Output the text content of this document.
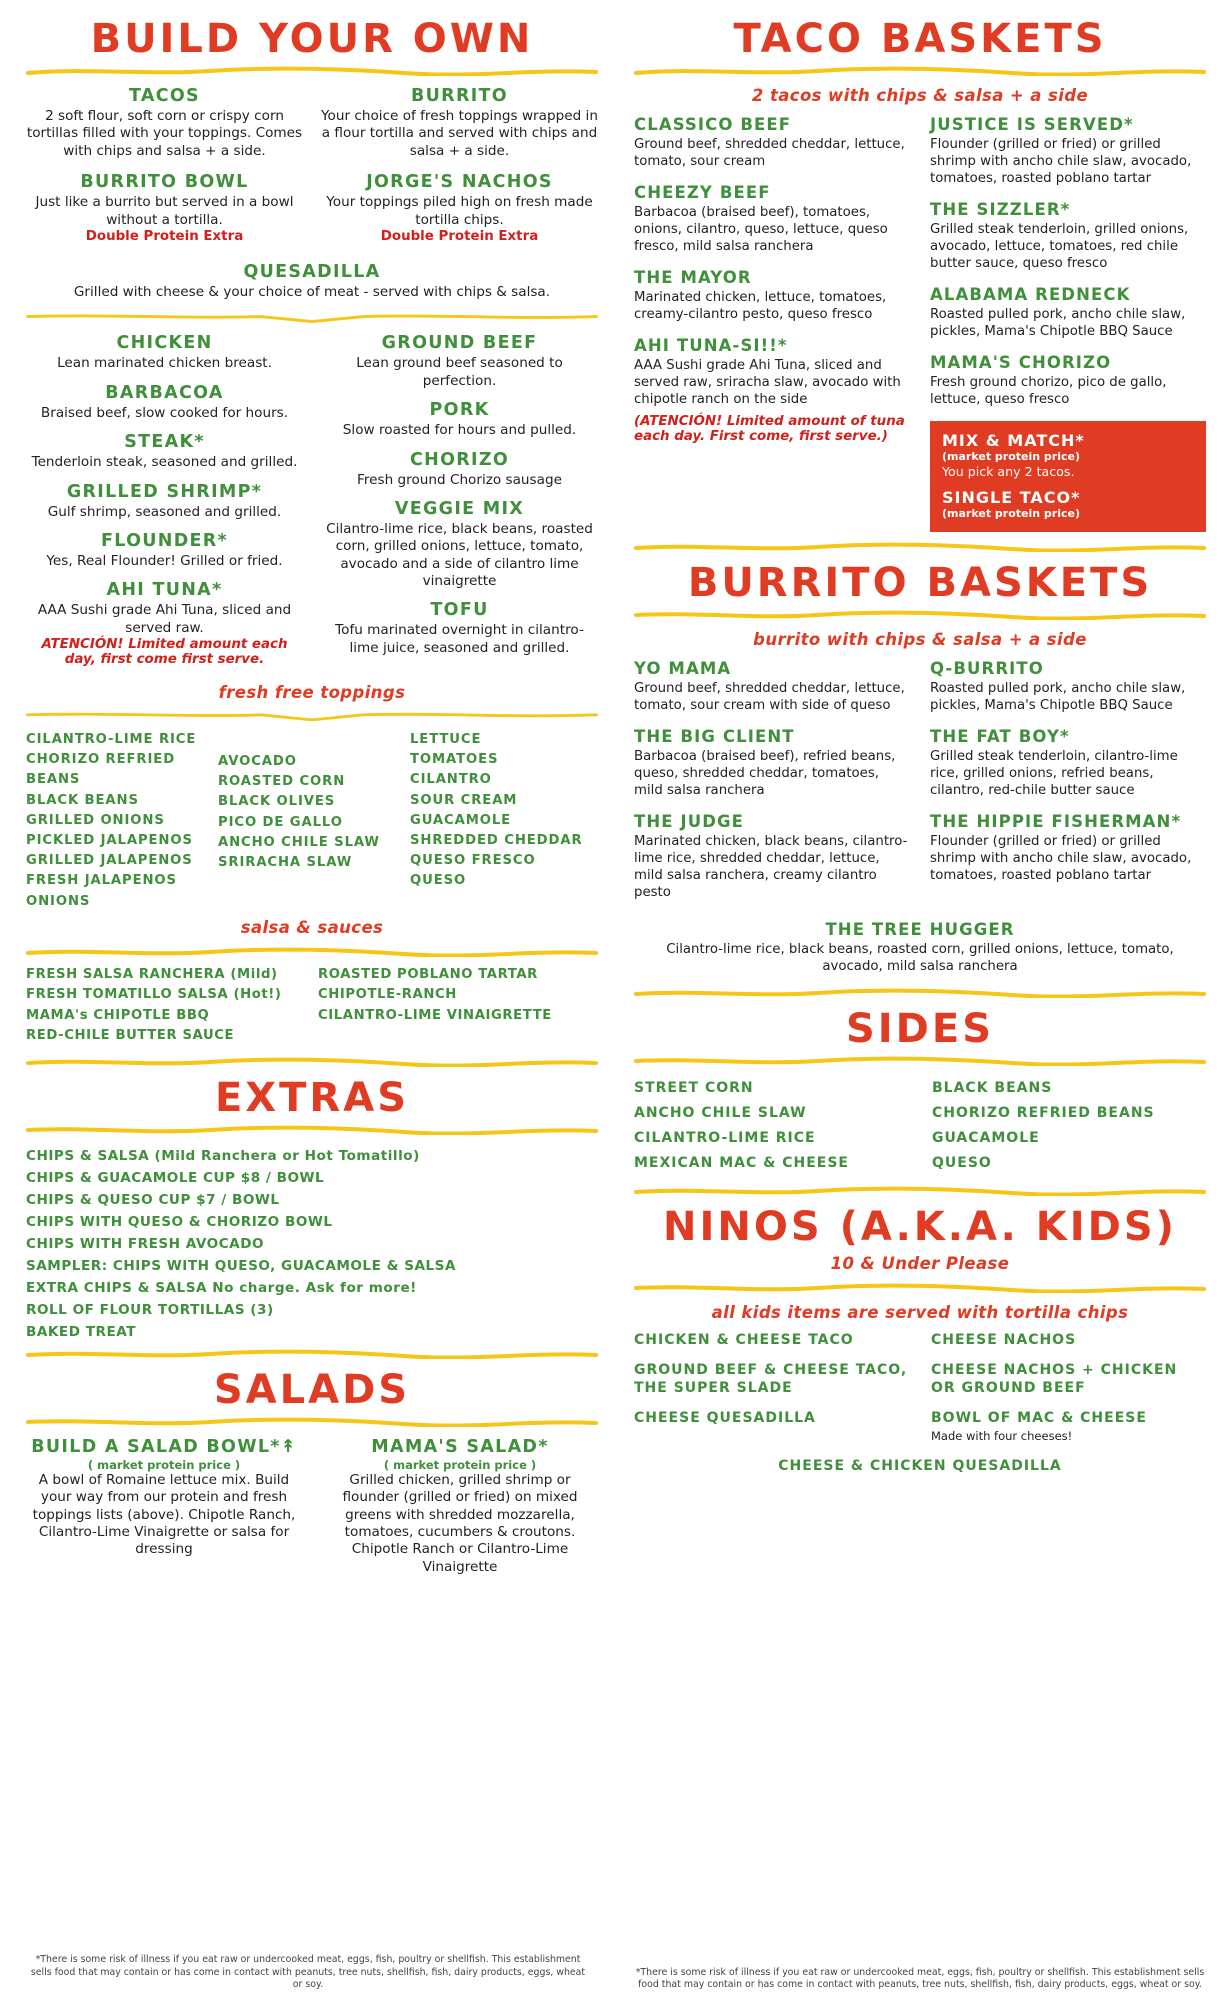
BUILD YOUR OWN
TACOS
2 soft flour, soft corn or crispy corn tortillas filled with your toppings. Comes with chips and salsa + a side.
BURRITO BOWL
Just like a burrito but served in a bowl without a tortilla.
Double Protein Extra
BURRITO
Your choice of fresh toppings wrapped in a flour tortilla and served with chips and salsa + a side.
JORGE'S NACHOS
Your toppings piled high on fresh made tortilla chips.
Double Protein Extra
QUESADILLA
Grilled with cheese & your choice of meat - served with chips & salsa.
CHICKEN
Lean marinated chicken breast.
BARBACOA
Braised beef, slow cooked for hours.
STEAK*
Tenderloin steak, seasoned and grilled.
GRILLED SHRIMP*
Gulf shrimp, seasoned and grilled.
FLOUNDER*
Yes, Real Flounder! Grilled or fried.
AHI TUNA*
AAA Sushi grade Ahi Tuna, sliced and served raw.
ATENCIÓN! Limited amount each day, first come first serve.
GROUND BEEF
Lean ground beef seasoned to perfection.
PORK
Slow roasted for hours and pulled.
CHORIZO
Fresh ground Chorizo sausage
VEGGIE MIX
Cilantro-lime rice, black beans, roasted corn, grilled onions, lettuce, tomato, avocado and a side of cilantro lime vinaigrette
TOFU
Tofu marinated overnight in cilantro-lime juice, seasoned and grilled.
fresh free toppings
CILANTRO-LIME RICE
CHORIZO REFRIED BEANS
BLACK BEANS
GRILLED ONIONS
PICKLED JALAPENOS
GRILLED JALAPENOS
FRESH JALAPENOS
ONIONS
AVOCADO
ROASTED CORN
BLACK OLIVES
PICO DE GALLO
ANCHO CHILE SLAW
SRIRACHA SLAW
LETTUCE
TOMATOES
CILANTRO
SOUR CREAM
GUACAMOLE
SHREDDED CHEDDAR
QUESO FRESCO
QUESO
salsa & sauces
FRESH SALSA RANCHERA (Mild)
FRESH TOMATILLO SALSA (Hot!)
MAMA's CHIPOTLE BBQ
RED-CHILE BUTTER SAUCE
ROASTED POBLANO TARTAR
CHIPOTLE-RANCH
CILANTRO-LIME VINAIGRETTE
EXTRAS
CHIPS & SALSA (Mild Ranchera or Hot Tomatillo)
CHIPS & GUACAMOLE CUP $8 / BOWL
CHIPS & QUESO CUP $7 / BOWL
CHIPS WITH QUESO & CHORIZO BOWL
CHIPS WITH FRESH AVOCADO
SAMPLER: CHIPS WITH QUESO, GUACAMOLE & SALSA
EXTRA CHIPS & SALSA No charge. Ask for more!
ROLL OF FLOUR TORTILLAS (3)
BAKED TREAT
SALADS
BUILD A SALAD BOWL*↟
( market protein price )
A bowl of Romaine lettuce mix. Build your way from our protein and fresh toppings lists (above). Chipotle Ranch, Cilantro-Lime Vinaigrette or salsa for dressing
MAMA'S SALAD*
( market protein price )
Grilled chicken, grilled shrimp or flounder (grilled or fried) on mixed greens with shredded mozzarella, tomatoes, cucumbers & croutons. Chipotle Ranch or Cilantro-Lime Vinaigrette
*There is some risk of illness if you eat raw or undercooked meat, eggs, fish, poultry or shellfish. This establishment sells food that may contain or has come in contact with peanuts, tree nuts, shellfish, fish, dairy products, eggs, wheat or soy.
TACO BASKETS
2 tacos with chips & salsa + a side
CLASSICO BEEF
Ground beef, shredded cheddar, lettuce, tomato, sour cream
CHEEZY BEEF
Barbacoa (braised beef), tomatoes, onions, cilantro, queso, lettuce, queso fresco, mild salsa ranchera
THE MAYOR
Marinated chicken, lettuce, tomatoes, creamy-cilantro pesto, queso fresco
AHI TUNA-SI!!*
AAA Sushi grade Ahi Tuna, sliced and served raw, sriracha slaw, avocado with chipotle ranch on the side
(ATENCIÓN! Limited amount of tuna each day. First come, first serve.)
JUSTICE IS SERVED*
Flounder (grilled or fried) or grilled shrimp with ancho chile slaw, avocado, tomatoes, roasted poblano tartar
THE SIZZLER*
Grilled steak tenderloin, grilled onions, avocado, lettuce, tomatoes, red chile butter sauce, queso fresco
ALABAMA REDNECK
Roasted pulled pork, ancho chile slaw, pickles, Mama's Chipotle BBQ Sauce
MAMA'S CHORIZO
Fresh ground chorizo, pico de gallo, lettuce, queso fresco
MIX & MATCH*
(market protein price)
You pick any 2 tacos.
SINGLE TACO*
(market protein price)
BURRITO BASKETS
burrito with chips & salsa + a side
YO MAMA
Ground beef, shredded cheddar, lettuce, tomato, sour cream with side of queso
THE BIG CLIENT
Barbacoa (braised beef), refried beans, queso, shredded cheddar, tomatoes, mild salsa ranchera
THE JUDGE
Marinated chicken, black beans, cilantro-lime rice, shredded cheddar, lettuce, mild salsa ranchera, creamy cilantro pesto
Q-BURRITO
Roasted pulled pork, ancho chile slaw, pickles, Mama's Chipotle BBQ Sauce
THE FAT BOY*
Grilled steak tenderloin, cilantro-lime rice, grilled onions, refried beans, cilantro, red-chile butter sauce
THE HIPPIE FISHERMAN*
Flounder (grilled or fried) or grilled shrimp with ancho chile slaw, avocado, tomatoes, roasted poblano tartar
THE TREE HUGGER
Cilantro-lime rice, black beans, roasted corn, grilled onions, lettuce, tomato, avocado, mild salsa ranchera
SIDES
STREET CORN
ANCHO CHILE SLAW
CILANTRO-LIME RICE
MEXICAN MAC & CHEESE
BLACK BEANS
CHORIZO REFRIED BEANS
GUACAMOLE
QUESO
NINOS (A.K.A. KIDS)
10 & Under Please
all kids items are served with tortilla chips
CHICKEN & CHEESE TACO
GROUND BEEF & CHEESE TACO, THE SUPER SLADE
CHEESE QUESADILLA
CHEESE NACHOS
CHEESE NACHOS + CHICKEN OR GROUND BEEF
BOWL OF MAC & CHEESE
Made with four cheeses!
CHEESE & CHICKEN QUESADILLA
*There is some risk of illness if you eat raw or undercooked meat, eggs, fish, poultry or shellfish. This establishment sells food that may contain or has come in contact with peanuts, tree nuts, shellfish, fish, dairy products, eggs, wheat or soy.
